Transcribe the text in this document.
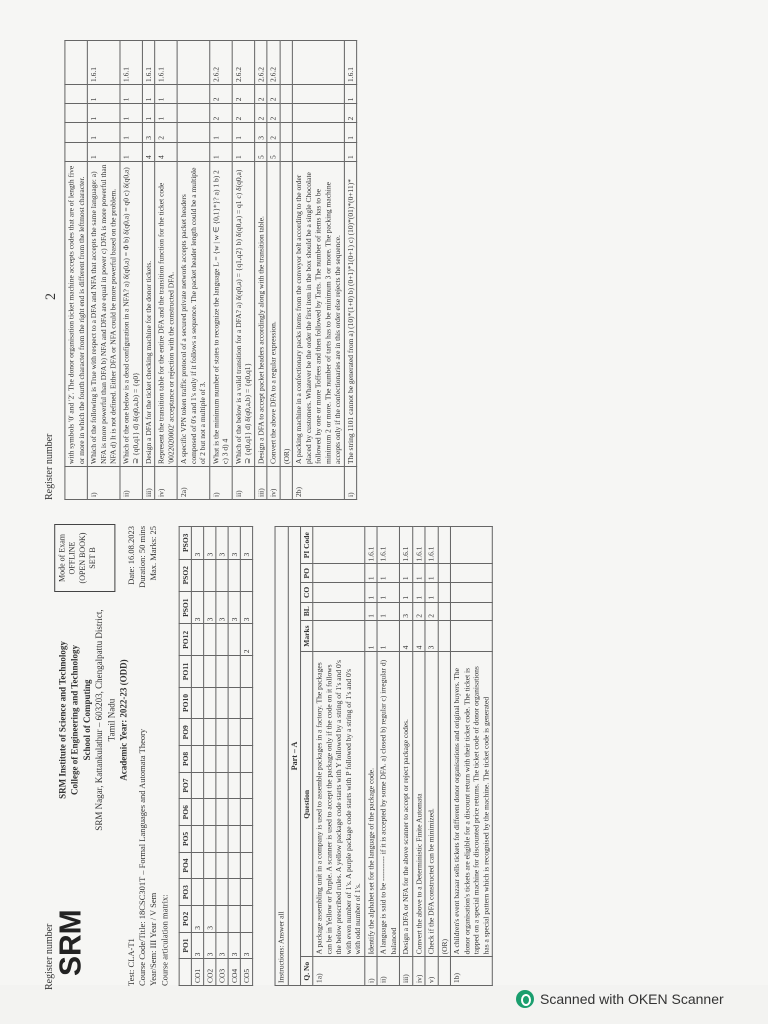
Register number
SRM
SRM Institute of Science and Technology College of Engineering and Technology School of Computing SRM Nagar, Kattankulathur – 603203, Chengalpattu District, Tamil Nadu Academic Year: 2022-23 (ODD)
Mode of Exam OFFLINE (OPEN BOOK) SET B
Test: CLA-T1
Date: 16.08.2023
Course Code/Title: 18CSC301T – Formal Languages and Automata Theory
Duration: 50 mins
Year/Sem: III Year / V Sem
Max. Marks: 25
Course articulation matrix:
	PO1	PO2	PO3	PO4	PO5	PO6	PO7	PO8	PO9	PO10	PO11	PO12	PSO1	PSO2	PSO3
CO1	3	3											3		3
CO2	3	3											3		3
CO3	3												3		3
CO4	3												3		3
CO5	3											2	3		3
Instructions: Answer all						
Part – A						
Q. No	Question	Marks	BL	CO	PO	PI Code
1a)	A package assembling unit in a company is used to assemble packages in a factory. The packages can be in Yellow or Purple. A scanner is used to accept the package only if the code on it follows the below prescribed rules. A yellow package code starts with Y followed by a string of 1's and 0's with even number of 1's. A purple package code starts with P followed by a string of 1's and 0's with odd number of 1's.					
i)	Identify the alphabet set for the language of the package code.	1	1	1	1	1.6.1
ii)	A language is said to be ---------- if it is accepted by some DFA. a) closed b) regular c) irregular d) balanced	1	1	1	1	1.6.1
iii)	Design a DFA or NFA for the above scanner to accept or reject package codes.	4	3	1	1	1.6.1
iv)	Convert the above to a Deterministic Finite Automata	4	2	1	1	1.6.1
v)	Check if the DFA constructed can be minimized.	3	2	1	1	1.6.1
	(OR)					
1b)	A children's event bazaar sells tickets for different donor organisations and original buyers. The donor organisation's tickets are eligible for a discount return with their ticket code. The ticket is tapped on a special machine for discounted price returns. The ticket code of donor organisations has a special pattern which is recognised by the machine. The ticket code is generated					
Register number
2
	with symbols '0' and '2'. The donor organisation ticket machine accepts codes that are of length five or more in which the fourth character from the right end is different from the leftmost character.					
i)	Which of the following is True with respect to a DFA and NFA that accepts the same language: a) NFA is more powerful than DFA b) NFA and DFA are equal in power c) DFA is more powerful than NFA d) It is not defined. Either DFA or NFA could be more powerful based on the problem.	1	1	1	1	1.6.1
ii)	Which of the one below is a dead configuration in a NFA? a) δ(q0,a) = Φ b) δ(q0,a) = q0 c) δ(q0,a) ⊇ {q0,q1} d) δ(q0,a,b) = {q0}	1	1	1	1	1.6.1
iii)	Design a DFA for the ticket checking machine for the donor tickets.	4	3	1	1	1.6.1
iv)	Represent the transition table for the entire DFA and the transition function for the ticket code '0022020002' acceptance or rejection with the constructed DFA.	4	2	1	1	1.6.1
2a)	A specific VPN token traffic protocol of a secured private network accepts packet headers composed of 0's and 1's only if it follows a sequence. The packet header length could be a multiple of 2 but not a multiple of 3.					
i)	What is the minimum number of states to recognize the language L = {w | w ∈ {0,1}*}? a) 1 b) 2 c) 3 d) 4	1	1	2	2	2.6.2
ii)	Which of the below is a valid transition for a DFA? a) δ(q0,a) = {q1,q2} b) δ(q0,a) = q1 c) δ(q0,a) ⊇ {q0,q1} d) δ(q0,a,b) = {q0,q1}	1	1	2	2	2.6.2
iii)	Design a DFA to accept packet headers accordingly along with the transition table.	5	3	2	2	2.6.2
iv)	Convert the above DFA to a regular expression.	5	2	2	2	2.6.2
	(OR)					
2b)	A packing machine in a confectionary packs items from the conveyor belt according to the order placed by customers. Whatever be the order the first item in the box should be a single Chocolate followed by one or more Toffees and then followed by Tarts. The number of items has to be minimum 2 or more. The number of tarts has to be minimum 3 or more. The packing machine accepts only if the confectionaries are in this order else rejects the sequence.					
i)	The string 1101 cannot be generated from a) (10)*(1+0) b) (0+1)*1(0+1) c) (10)*(01)*(0+11)*	1	1	2	1	1.6.1
Scanned with OKEN Scanner
